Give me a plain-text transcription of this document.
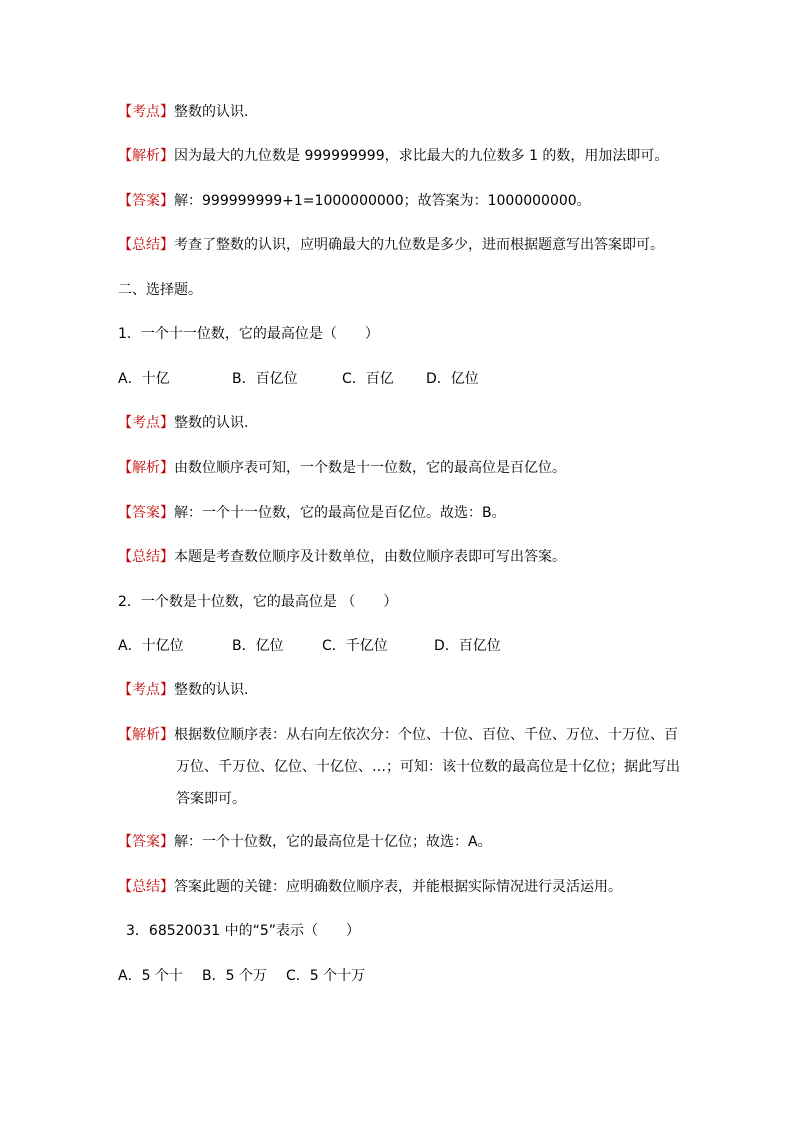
【考点】整数的认识.
【解析】因为最大的九位数是 999999999，求比最大的九位数多 1 的数，用加法即可。
【答案】解：999999999+1=1000000000；故答案为：1000000000。
【总结】考查了整数的认识，应明确最大的九位数是多少，进而根据题意写出答案即可。
二、选择题。
1．一个十一位数，它的最高位是（　　）
A．十亿	B．百亿位	C．百亿 D．亿位
【考点】整数的认识.
【解析】由数位顺序表可知，一个数是十一位数，它的最高位是百亿位。
【答案】解：一个十一位数，它的最高位是百亿位。故选：B。
【总结】本题是考查数位顺序及计数单位，由数位顺序表即可写出答案。
2．一个数是十位数，它的最高位是 （　　）
A．十亿位	B．亿位	C．千亿位	D．百亿位
【考点】整数的认识.
【解析】根据数位顺序表：从右向左依次分：个位、十位、百位、千位、万位、十万位、百
万位、千万位、亿位、十亿位、…；可知：该十位数的最高位是十亿位；据此写出
答案即可。
【答案】解：一个十位数，它的最高位是十亿位；故选：A。
【总结】答案此题的关键：应明确数位顺序表，并能根据实际情况进行灵活运用。
3．68520031 中的“5”表示（　　）
A．5 个十 B．5 个万 C．5 个十万
